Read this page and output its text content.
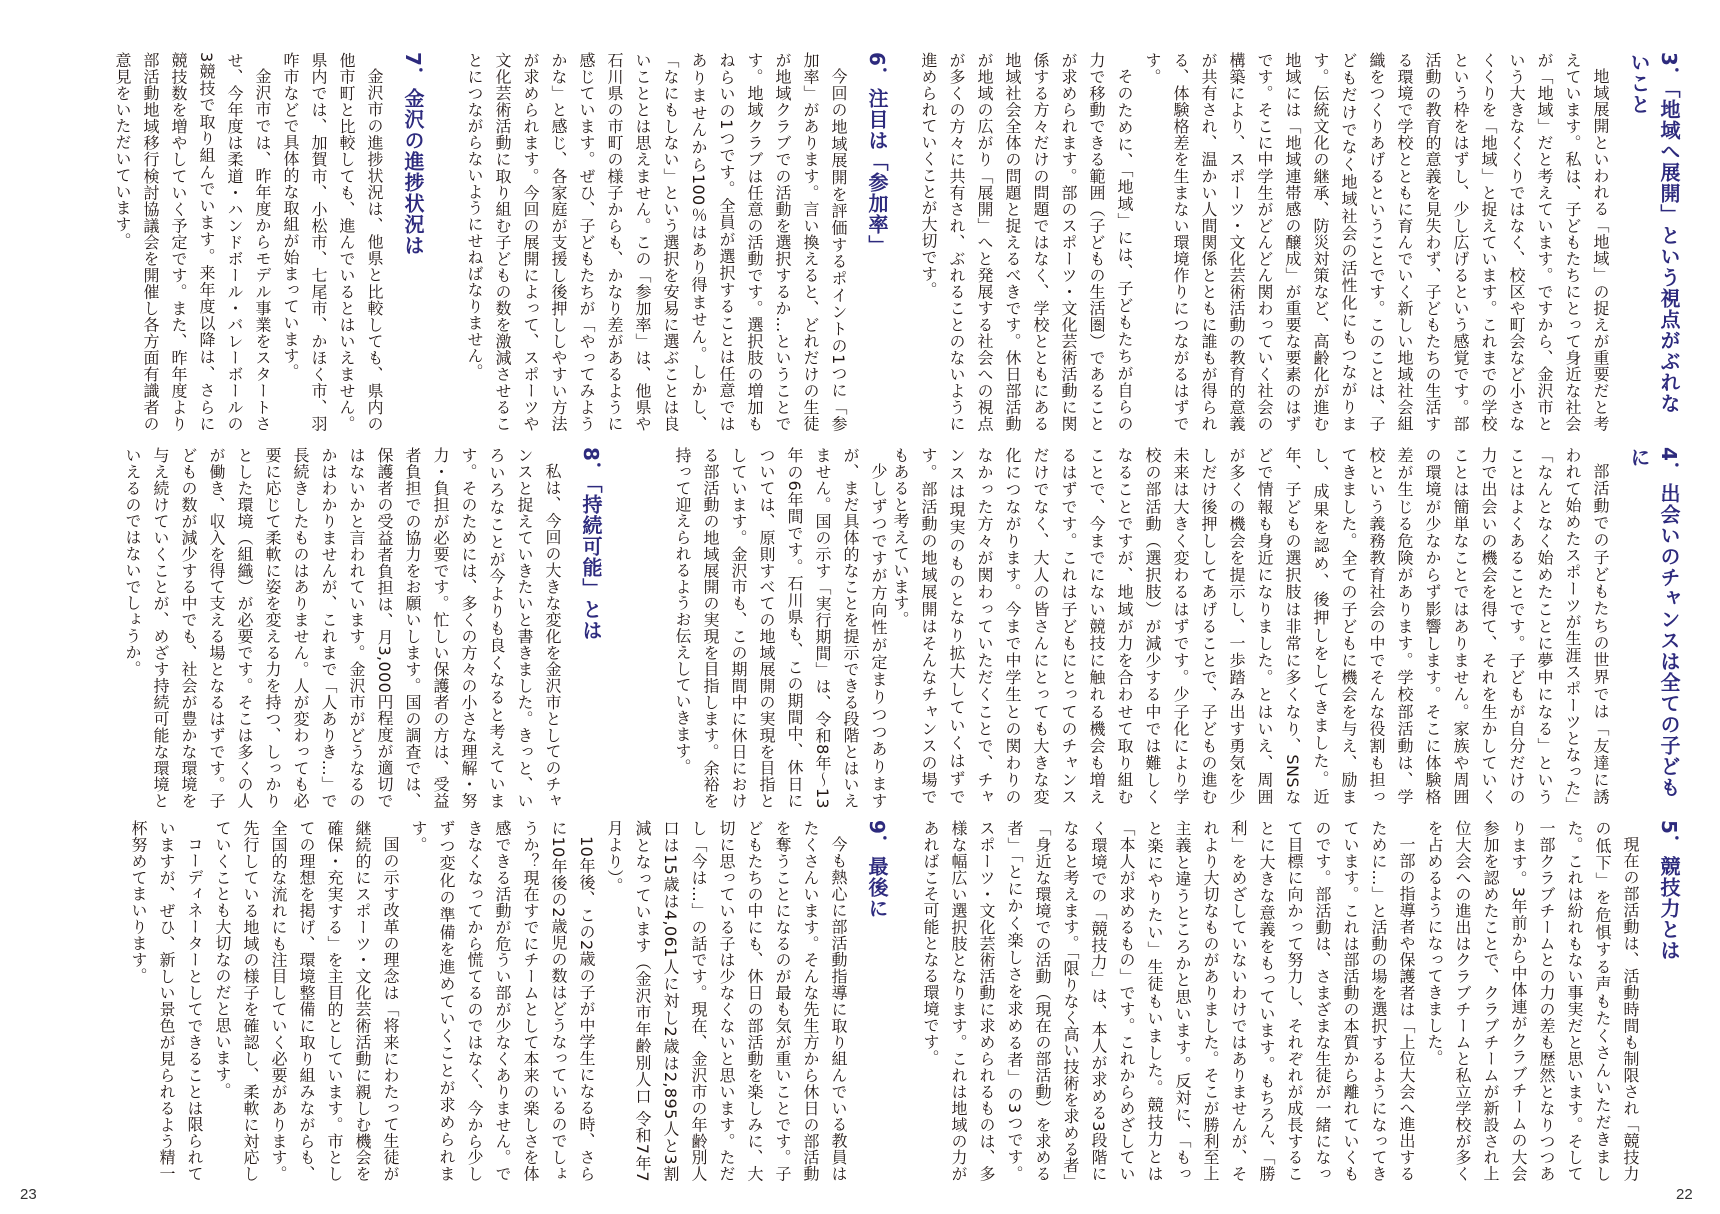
3．「地域へ展開」という視点がぶれないこと

地域展開といわれる「地域」の捉えが重要だと考えています。私は、子どもたちにとって身近な社会が「地域」だと考えています。ですから、金沢市という大きなくくりではなく、校区や町会など小さなくくりを「地域」と捉えています。これまでの学校という枠をはずし、少し広げるという感覚です。部活動の教育的意義を見失わず、子どもたちの生活する環境で学校とともに育んでいく新しい地域社会組織をつくりあげるということです。このことは、子どもだけでなく地域社会の活性化にもつながります。伝統文化の継承、防災対策など、高齢化が進む地域には「地域連帯感の醸成」が重要な要素のはずです。そこに中学生がどんどん関わっていく社会の構築により、スポーツ・文化芸術活動の教育的意義が共有され、温かい人間関係とともに誰もが得られる、体験格差を生まない環境作りにつながるはずです。

そのために、「地域」には、子どもたちが自らの力で移動できる範囲（子どもの生活圏）であることが求められます。部のスポーツ・文化芸術活動に関係する方々だけの問題ではなく、学校とともにある地域社会全体の問題と捉えるべきです。休日部活動が地域の広がり「展開」へと発展する社会への視点が多くの方々に共有され、ぶれることのないように進められていくことが大切です。

4．出会いのチャンスは全ての子どもに

部活動での子どもたちの世界では「友達に誘われて始めたスポーツが生涯スポーツとなった」「なんとなく始めたことに夢中になる」ということはよくあることです。子どもが自分だけの力で出会いの機会を得て、それを生かしていくことは簡単なことではありません。家族や周囲の環境が少なからず影響します。そこに体験格差が生じる危険があります。学校部活動は、学校という義務教育社会の中でそんな役割も担ってきました。全ての子どもに機会を与え、励まし、成果を認め、後押しをしてきました。近年、子どもの選択肢は非常に多くなり、SNSなどで情報も身近になりました。とはいえ、周囲が多くの機会を提示し、一歩踏み出す勇気を少しだけ後押ししてあげることで、子どもの進む未来は大きく変わるはずです。少子化により学校の部活動（選択肢）が減少する中では難しくなることですが、地域が力を合わせて取り組むことで、今までにない競技に触れる機会も増えるはずです。これは子どもにとってのチャンスだけでなく、大人の皆さんにとっても大きな変化につながります。今まで中学生との関わりのなかった方々が関わっていただくことで、チャンスは現実のものとなり拡大していくはずです。部活動の地域展開はそんなチャンスの場でもあると考えています。

5．競技力とは

現在の部活動は、活動時間も制限され「競技力の低下」を危惧する声もたくさんいただきました。これは紛れもない事実だと思います。そして一部クラブチームとの力の差も歴然となりつつあります。3年前から中体連がクラブチームの大会参加を認めたことで、クラブチームが新設され上位大会への進出はクラブチームと私立学校が多くを占めるようになってきました。

一部の指導者や保護者は「上位大会へ進出するために…」と活動の場を選択するようになってきています。これは部活動の本質から離れていくものです。部活動は、さまざまな生徒が一緒になって目標に向かって努力し、それぞれが成長することに大きな意義をもっています。もちろん、「勝利」をめざしていないわけではありませんが、それより大切なものがありました。そこが勝利至上主義と違うところかと思います。反対に、「もっと楽にやりたい」生徒もいました。競技力とは「本人が求めるもの」です。これからめざしていく環境での「競技力」は、本人が求める3段階になると考えます。「限りなく高い技術を求める者」「身近な環境での活動（現在の部活動）を求める者」「とにかく楽しさを求める者」の3つです。スポーツ・文化芸術活動に求められるものは、多様な幅広い選択肢となります。これは地域の力があればこそ可能となる環境です。

6．注目は「参加率」

今回の地域展開を評価するポイントの1つに「参加率」があります。言い換えると、どれだけの生徒が地域クラブでの活動を選択するか…ということです。地域クラブは任意の活動です。選択肢の増加もねらいの1つです。全員が選択することは任意ではありませんから100％はあり得ません。しかし、「なにもしない」という選択を安易に選ぶことは良いこととは思えません。この「参加率」は、他県や石川県の市町の様子からも、かなり差があるように感じています。ぜひ、子どもたちが「やってみようかな」と感じ、各家庭が支援し後押ししやすい方法が求められます。今回の展開によって、スポーツや文化芸術活動に取り組む子どもの数を激減させることにつながらないようにせねばなりません。

7．金沢の進捗状況は

金沢市の進捗状況は、他県と比較しても、県内の他市町と比較しても、進んでいるとはいえません。県内では、加賀市、小松市、七尾市、かほく市、羽咋市などで具体的な取組が始まっています。

金沢市では、昨年度からモデル事業をスタートさせ、今年度は柔道・ハンドボール・バレーボールの3競技で取り組んでいます。来年度以降は、さらに競技数を増やしていく予定です。また、昨年度より部活動地域移行検討協議会を開催し各方面有識者の意見をいただいています。

少しずつですが方向性が定まりつつありますが、まだ具体的なことを提示できる段階とはいえません。国の示す「実行期間」は、令和8年～13年の6年間です。石川県も、この期間中、休日については、原則すべての地域展開の実現を目指としています。金沢市も、この期間中に休日における部活動の地域展開の実現を目指します。余裕を持って迎えられるようお伝えしていきます。

8．「持続可能」とは

私は、今回の大きな変化を金沢市としてのチャンスと捉えていきたいと書きました。きっと、いろいろなことが今よりも良くなると考えています。そのためには、多くの方々の小さな理解・努力・負担が必要です。忙しい保護者の方は、受益者負担での協力をお願いします。国の調査では、保護者の受益者負担は、月3,000円程度が適切ではないかと言われています。金沢市がどうなるのかはわかりませんが、これまで「人ありき…」で長続きしたものはありません。人が変わっても必要に応じて柔軟に姿を変える力を持つ、しっかりとした環境（組織）が必要です。そこは多くの人が働き、収入を得て支える場となるはずです。子どもの数が減少する中でも、社会が豊かな環境を与え続けていくことが、めざす持続可能な環境といえるのではないでしょうか。

9．最後に

今も熱心に部活動指導に取り組んでいる教員はたくさんいます。そんな先生方から休日の部活動を奪うことになるのが最も気が重いことです。子どもたちの中にも、休日の部活動を楽しみに、大切に思っている子は少なくないと思います。ただし「今は…」の話です。現在、金沢市の年齢別人口は15歳は4,061人に対し2歳は2,895人と3割減となっています（金沢市年齢別人口 令和7年7月より）。

10年後、この2歳の子が中学生になる時、さらに10年後の2歳児の数はどうなっているのでしょうか？現在すでにチームとして本来の楽しさを体感できる活動が危うい部が少なくありません。できなくなってから慌てるのではなく、今から少しずつ変化の準備を進めていくことが求められます。

国の示す改革の理念は「将来にわたって生徒が継続的にスポーツ・文化芸術活動に親しむ機会を確保・充実する」を主目的としています。市としての理想を掲げ、環境整備に取り組みながらも、全国的な流れにも注目していく必要があります。先行している地域の様子を確認し、柔軟に対応していくことも大切なのだと思います。

コーディネーターとしてできることは限られていますが、ぜひ、新しい景色が見られるよう精一杯努めてまいります。

23	22
